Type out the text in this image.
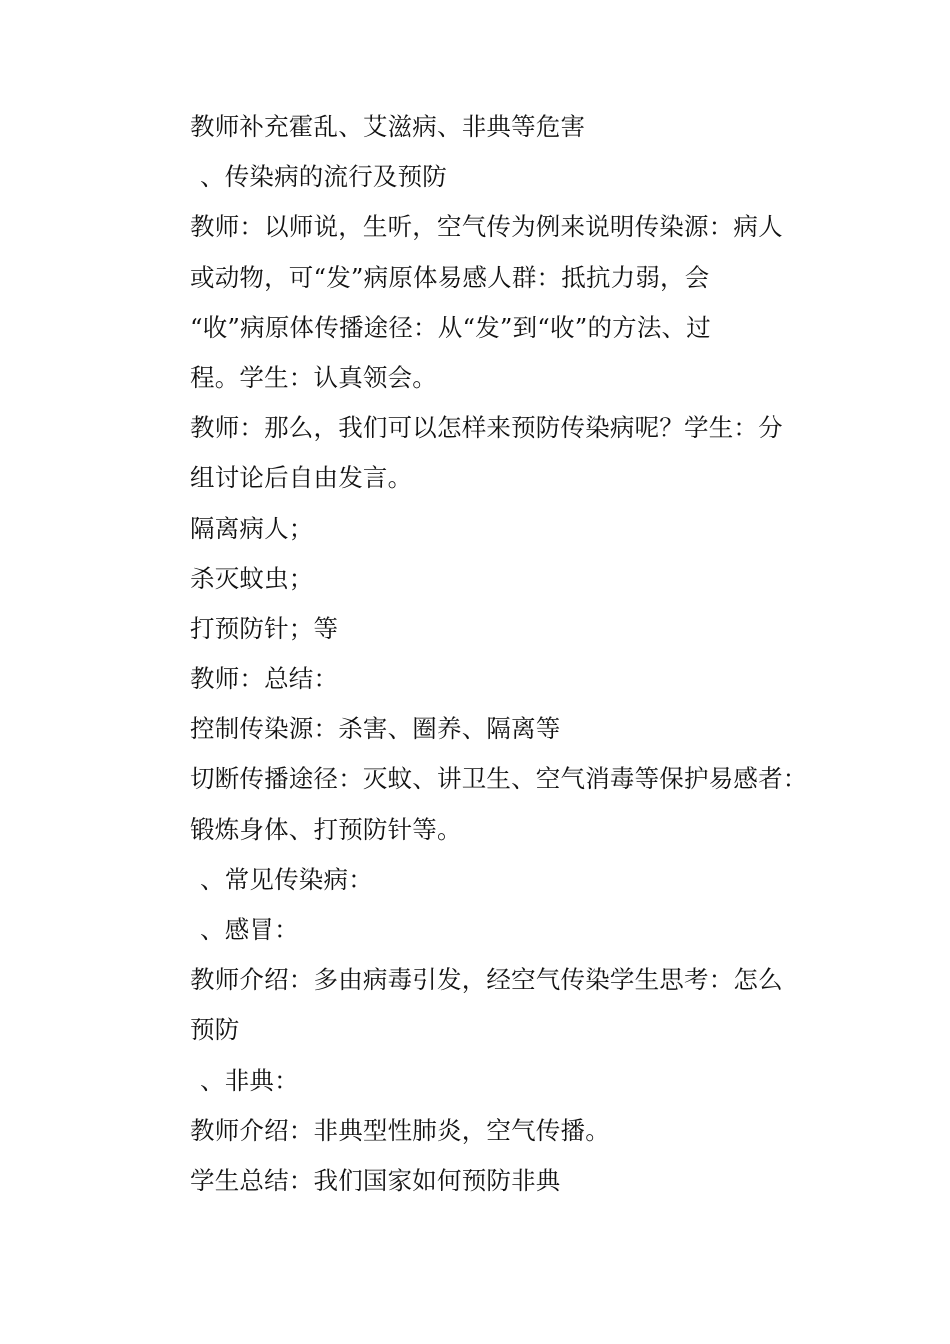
教师补充霍乱、艾滋病、非典等危害
、传染病的流行及预防
教师：以师说，生听，空气传为例来说明传染源：病人
或动物，可“发”病原体易感人群：抵抗力弱，会
“收”病原体传播途径：从“发”到“收”的方法、过
程。学生：认真领会。
教师：那么，我们可以怎样来预防传染病呢？学生：分
组讨论后自由发言。
隔离病人；
杀灭蚊虫；
打预防针；等
教师：总结：
控制传染源：杀害、圈养、隔离等
切断传播途径：灭蚊、讲卫生、空气消毒等保护易感者：
锻炼身体、打预防针等。
、常见传染病：
、感冒：
教师介绍：多由病毒引发，经空气传染学生思考：怎么
预防
、非典：
教师介绍：非典型性肺炎，空气传播。
学生总结：我们国家如何预防非典
